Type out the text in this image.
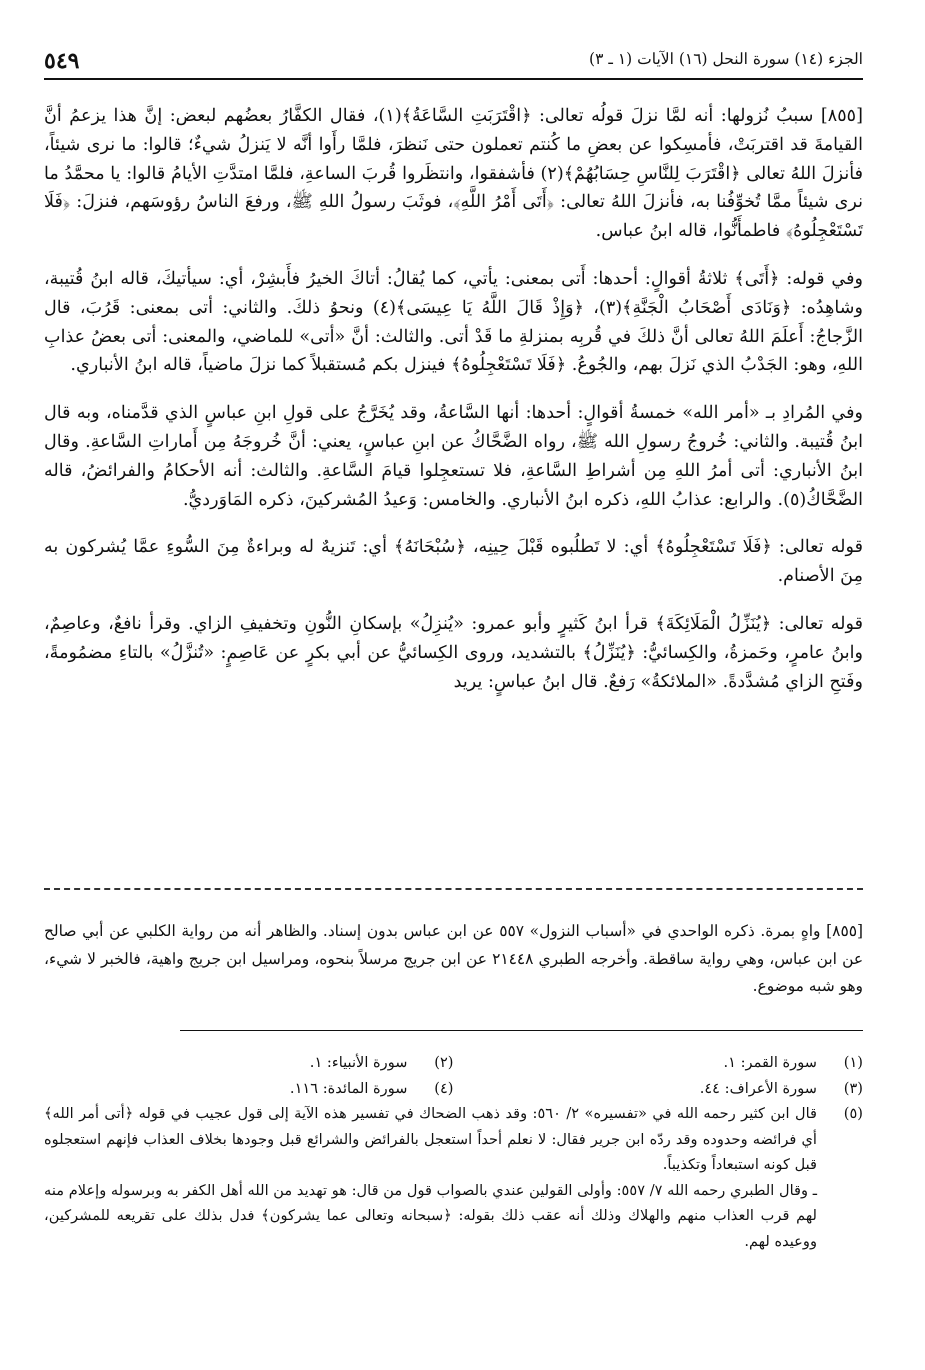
الجزء (١٤) سورة النحل (١٦) الآيات (١ ـ ٣)
٥٤٩

[٨٥٥] سببُ نُزولها: أنه لمَّا نزلَ قولُه تعالى: ﴿اقْتَرَبَتِ السَّاعَةُ﴾(١)، فقال الكفَّارُ بعضُهم لبعض: إنَّ هذا يزعمُ أنَّ القيامةَ قد اقتربَتْ، فأمسِكوا عن بعضِ ما كُنتم تعملون حتى نَنظرَ، فلمَّا رأَوا أنَّه لا يَنزلُ شيءٌ؛ قالوا: ما نرى شيئاً، فأنزلَ اللهُ تعالى ﴿اقْتَرَبَ لِلنَّاسِ حِسَابُهُمْ﴾(٢) فأشفقوا، وانتظَروا قُربَ الساعةِ، فلمَّا امتدَّتِ الأيامُ قالوا: يا محمَّدُ ما نرى شيئاً ممَّا تُخوِّفُنا به، فأنزلَ اللهُ تعالى: ﴿أَتَى أَمْرُ اللَّهِ﴾، فوثَبَ رسولُ اللهِ ﷺ، ورفعَ الناسُ رؤوسَهم، فنزلَ: ﴿فَلَا تَسْتَعْجِلُوهُ﴾ فاطمأَنُّوا، قاله ابنُ عباس.

وفي قوله: ﴿أَتَى﴾ ثلاثةُ أقوالٍ: أحدها: أَتى بمعنى: يأتي، كما يُقالُ: أتاكَ الخيرُ فأَبشِرْ، أي: سيأتيكَ، قاله ابنُ قُتيبة، وشاهِدُه: ﴿وَنَادَى أَصْحَابُ الْجَنَّةِ﴾(٣)، ﴿وَإِذْ قَالَ اللَّهُ يَا عِيسَى﴾(٤) ونحوُ ذلكَ. والثاني: أتى بمعنى: قَرُبَ، قال الزَّجاجُ: أَعلَمَ اللهُ تعالى أنَّ ذلكَ في قُربِه بمنزلةِ ما قَدْ أتى. والثالث: أنَّ «أتى» للماضي، والمعنى: أتى بعضُ عذابِ اللهِ، وهو: الجَدْبُ الذي نَزلَ بهم، والجُوعُ. ﴿فَلَا تَسْتَعْجِلُوهُ﴾ فينزل بكم مُستقبلاً كما نزلَ ماضياً، قاله ابنُ الأنباري.

وفي المُرادِ بـ «أمر الله» خمسةُ أقوالٍ: أحدها: أنها السَّاعةُ، وقد يُخَرَّجُ على قولِ ابنِ عباسٍ الذي قدَّمناه، وبه قال ابنُ قُتيبة. والثاني: خُروجُ رسولِ الله ﷺ، رواه الضَّحَّاكُ عن ابنِ عباسٍ، يعني: أنَّ خُروجَهُ مِن أَماراتِ السَّاعةِ. وقال ابنُ الأنباري: أتى أمرُ اللهِ مِن أشراطِ السَّاعةِ، فلا تستعجِلوا قيامَ السَّاعةِ. والثالث: أنه الأحكامُ والفرائضُ، قاله الضَّحَّاكُ(٥). والرابع: عذابُ اللهِ، ذكره ابنُ الأنباري. والخامس: وَعيدُ المُشركينَ، ذكره المَاوَرديُّ.

قوله تعالى: ﴿فَلَا تَسْتَعْجِلُوهُ﴾ أي: لا تَطلُبوه قَبْلَ حِينِه، ﴿سُبْحَانَهُ﴾ أي: تَنزيهٌ له وبراءةٌ مِنَ السُّوءِ عمَّا يُشركون به مِنَ الأصنام.

قوله تعالى: ﴿يُنَزِّلُ الْمَلَائِكَةَ﴾ قرأ ابنُ كَثيرٍ وأبو عمرو: «يُنزِلُ» بإسكانِ النُّونِ وتخفيفِ الزاي. وقرأ نافعٌ، وعاصِمٌ، وابنُ عامرٍ، وحَمزةُ، والكِسائيُّ: ﴿يُنَزِّلُ﴾ بالتشديد، وروى الكِسائيُّ عن أبي بكرٍ عن عَاصِمٍ: «تُنزَّلُ» بالتاءِ مضمُومةً، وفَتحِ الزاي مُشدَّدةً. «الملائكةُ» رَفعٌ. قال ابنُ عباسٍ: يريد

[٨٥٥] واهٍ بمرة. ذكره الواحدي في «أسباب النزول» ٥٥٧ عن ابن عباس بدون إسناد. والظاهر أنه من رواية الكلبي عن أبي صالح عن ابن عباس، وهي رواية ساقطة. وأخرجه الطبري ٢١٤٤٨ عن ابن جريج مرسلاً بنحوه، ومراسيل ابن جريج واهية، فالخبر لا شيء، وهو شبه موضوع.
(١)
سورة القمر: ١.
(٢)
سورة الأنبياء: ١.
(٣)
سورة الأعراف: ٤٤.
(٤)
سورة المائدة: ١١٦.
(٥)

قال ابن كثير رحمه الله في «تفسيره» ٢/ ٥٦٠: وقد ذهب الضحاك في تفسير هذه الآية إلى قول عجيب في قوله ﴿أتى أمر الله﴾ أي فرائضه وحدوده وقد ردّه ابن جرير فقال: لا نعلم أحداً استعجل بالفرائض والشرائع قبل وجودها بخلاف العذاب فإنهم استعجلوه قبل كونه استبعاداً وتكذيباً.

ـ وقال الطبري رحمه الله ٧/ ٥٥٧: وأولى القولين عندي بالصواب قول من قال: هو تهديد من الله أهل الكفر به وبرسوله وإعلام منه لهم قرب العذاب منهم والهلاك وذلك أنه عقب ذلك بقوله: ﴿سبحانه وتعالى عما يشركون﴾ فدل بذلك على تقريعه للمشركين، ووعيده لهم.
